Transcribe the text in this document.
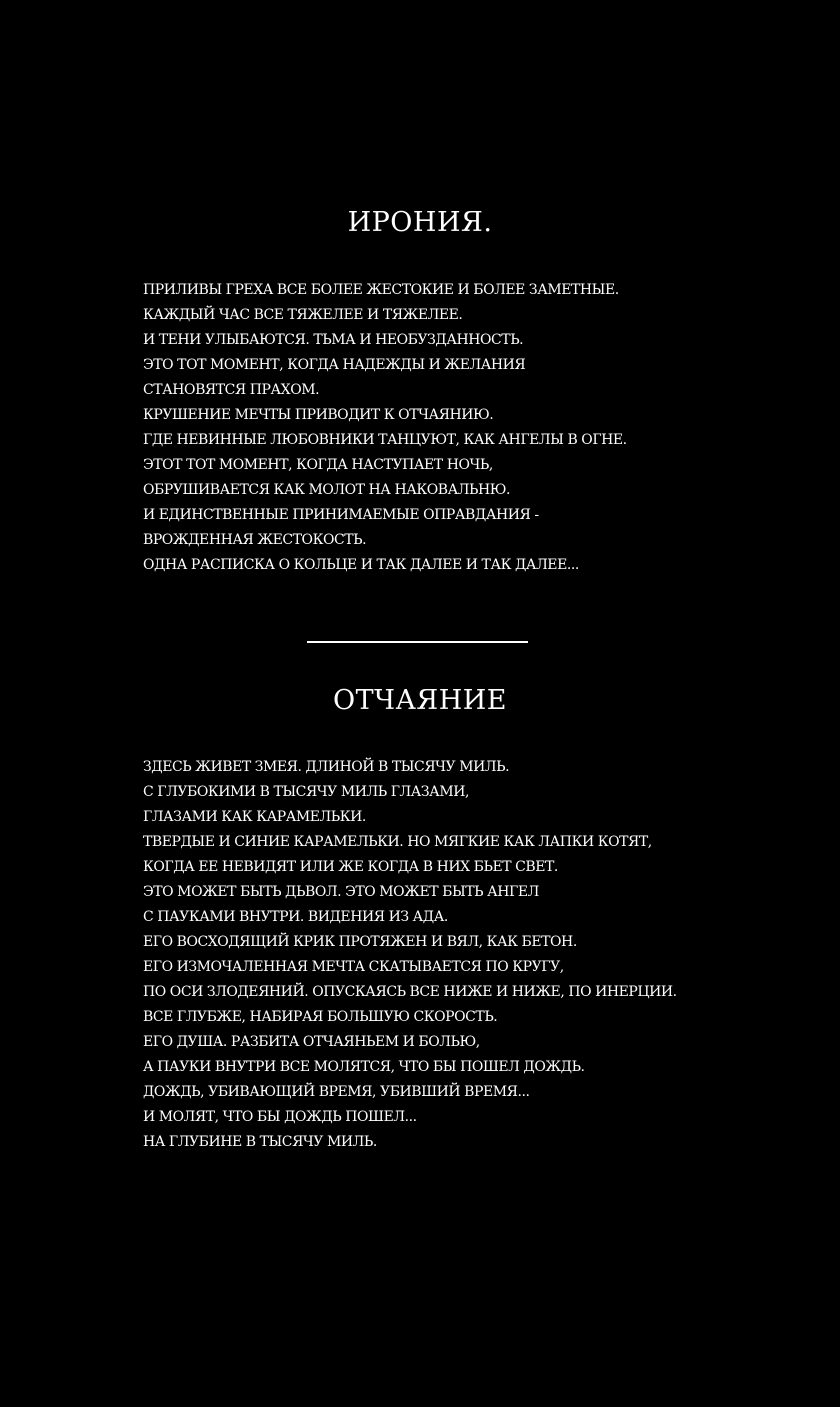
ИРОНИЯ.
ПРИЛИВЫ ГРЕХА ВСЕ БОЛЕЕ ЖЕСТОКИЕ И БОЛЕЕ ЗАМЕТНЫЕ.
КАЖДЫЙ ЧАС ВСЕ ТЯЖЕЛЕЕ И ТЯЖЕЛЕЕ.
И ТЕНИ УЛЫБАЮТСЯ. ТЬМА И НЕОБУЗДАННОСТЬ.
ЭТО ТОТ МОМЕНТ, КОГДА НАДЕЖДЫ И ЖЕЛАНИЯ
СТАНОВЯТСЯ ПРАХОМ.
КРУШЕНИЕ МЕЧТЫ ПРИВОДИТ К ОТЧАЯНИЮ.
ГДЕ НЕВИННЫЕ ЛЮБОВНИКИ ТАНЦУЮТ, КАК АНГЕЛЫ В ОГНЕ.
ЭТОТ ТОТ МОМЕНТ, КОГДА НАСТУПАЕТ НОЧЬ,
ОБРУШИВАЕТСЯ КАК МОЛОТ НА НАКОВАЛЬНЮ.
И ЕДИНСТВЕННЫЕ ПРИНИМАЕМЫЕ ОПРАВДАНИЯ -
ВРОЖДЕННАЯ ЖЕСТОКОСТЬ.
ОДНА РАСПИСКА О КОЛЬЦЕ И ТАК ДАЛЕЕ И ТАК ДАЛЕЕ...
ОТЧАЯНИЕ
ЗДЕСЬ ЖИВЕТ ЗМЕЯ. ДЛИНОЙ В ТЫСЯЧУ МИЛЬ.
С ГЛУБОКИМИ В ТЫСЯЧУ МИЛЬ ГЛАЗАМИ,
ГЛАЗАМИ КАК КАРАМЕЛЬКИ.
ТВЕРДЫЕ И СИНИЕ КАРАМЕЛЬКИ. НО МЯГКИЕ КАК ЛАПКИ КОТЯТ,
КОГДА ЕЕ НЕВИДЯТ ИЛИ ЖЕ КОГДА В НИХ БЬЕТ СВЕТ.
ЭТО МОЖЕТ БЫТЬ ДЬВОЛ. ЭТО МОЖЕТ БЫТЬ АНГЕЛ
С ПАУКАМИ ВНУТРИ. ВИДЕНИЯ ИЗ АДА.
ЕГО ВОСХОДЯЩИЙ КРИК ПРОТЯЖЕН И ВЯЛ, КАК БЕТОН.
ЕГО ИЗМОЧАЛЕННАЯ МЕЧТА СКАТЫВАЕТСЯ ПО КРУГУ,
ПО ОСИ ЗЛОДЕЯНИЙ. ОПУСКАЯСЬ ВСЕ НИЖЕ И НИЖЕ, ПО ИНЕРЦИИ.
ВСЕ ГЛУБЖЕ, НАБИРАЯ БОЛЬШУЮ СКОРОСТЬ.
ЕГО ДУША. РАЗБИТА ОТЧАЯНЬЕМ И БОЛЬЮ,
А ПАУКИ ВНУТРИ ВСЕ МОЛЯТСЯ, ЧТО БЫ ПОШЕЛ ДОЖДЬ.
ДОЖДЬ, УБИВАЮЩИЙ ВРЕМЯ, УБИВШИЙ ВРЕМЯ...
И МОЛЯТ, ЧТО БЫ ДОЖДЬ ПОШЕЛ...
НА ГЛУБИНЕ В ТЫСЯЧУ МИЛЬ.
